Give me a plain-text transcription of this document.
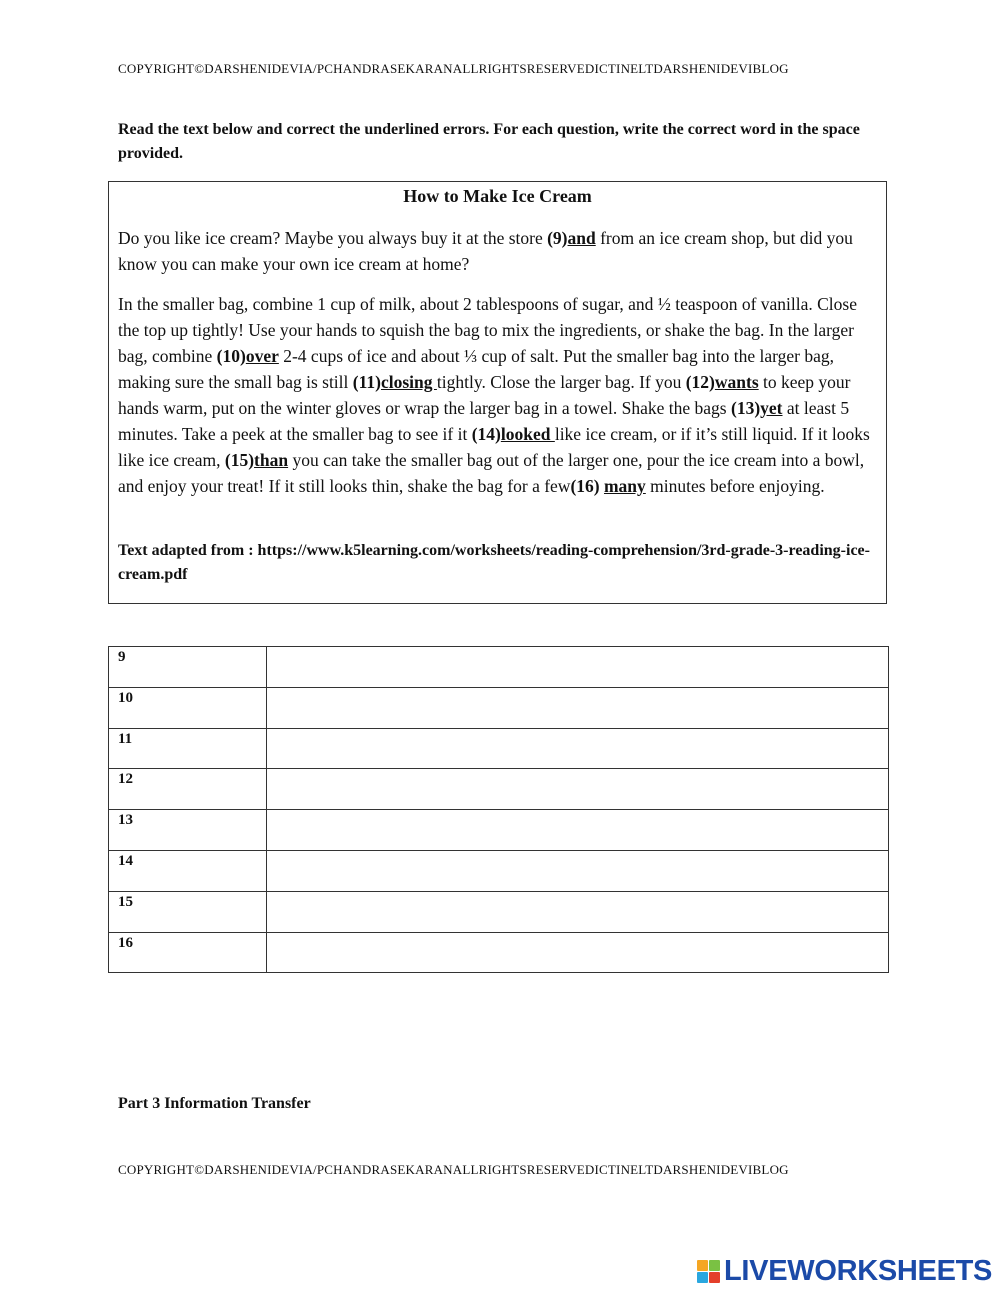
COPYRIGHT©DARSHENIDEVIA/PCHANDRASEKARANALLRIGHTSRESERVEDICTINELTDARSHENIDEVIBLOG
Read the text below and correct the underlined errors. For each question, write the correct word in the space provided.
How to Make Ice Cream

Do you like ice cream? Maybe you always buy it at the store (9)and from an ice cream shop, but did you know you can make your own ice cream at home?

In the smaller bag, combine 1 cup of milk, about 2 tablespoons of sugar, and ½ teaspoon of vanilla. Close the top up tightly! Use your hands to squish the bag to mix the ingredients, or shake the bag. In the larger bag, combine (10)over 2-4 cups of ice and about ⅓ cup of salt. Put the smaller bag into the larger bag, making sure the small bag is still (11)closing tightly. Close the larger bag. If you (12)wants to keep your hands warm, put on the winter gloves or wrap the larger bag in a towel. Shake the bags (13)yet at least 5 minutes. Take a peek at the smaller bag to see if it (14)looked like ice cream, or if it’s still liquid. If it looks like ice cream, (15)than you can take the smaller bag out of the larger one, pour the ice cream into a bowl, and enjoy your treat! If it still looks thin, shake the bag for a few(16) many minutes before enjoying.

Text adapted from : https://www.k5learning.com/worksheets/reading-comprehension/3rd-grade-3-reading-ice-cream.pdf
9	
10	
11	
12	
13	
14	
15	
16	
Part 3 Information Transfer
COPYRIGHT©DARSHENIDEVIA/PCHANDRASEKARANALLRIGHTSRESERVEDICTINELTDARSHENIDEVIBLOG
LIVEWORKSHEETS
